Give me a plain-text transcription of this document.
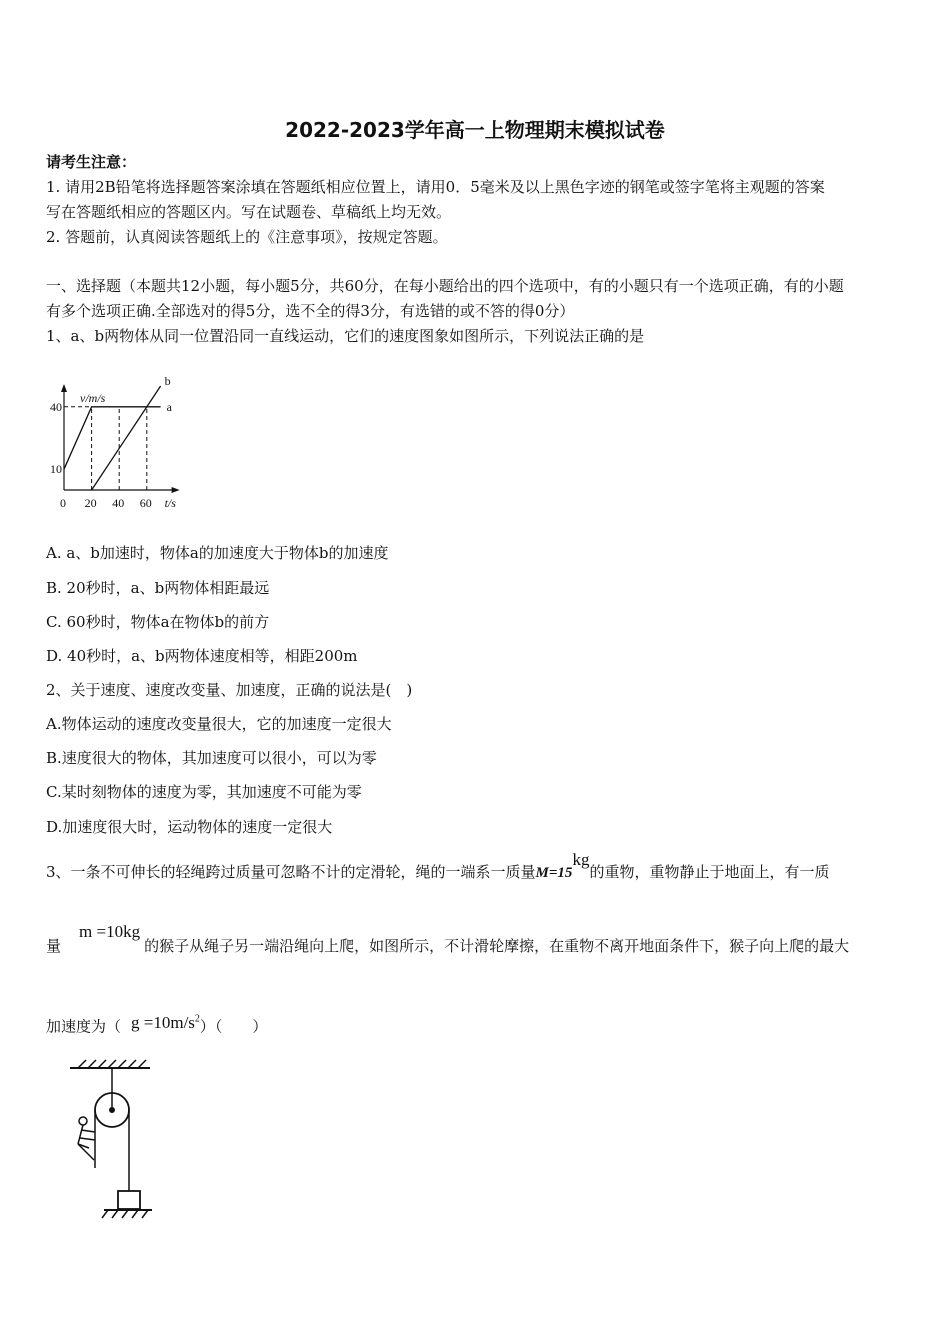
2022-2023学年高一上物理期末模拟试卷
请考生注意：
1. 请用2B铅笔将选择题答案涂填在答题纸相应位置上，请用0．5毫米及以上黑色字迹的钢笔或签字笔将主观题的答案
写在答题纸相应的答题区内。写在试题卷、草稿纸上均无效。
2. 答题前，认真阅读答题纸上的《注意事项》，按规定答题。
一、选择题（本题共12小题，每小题5分，共60分，在每小题给出的四个选项中，有的小题只有一个选项正确，有的小题
有多个选项正确.全部选对的得5分，选不全的得3分，有选错的或不答的得0分）
1、a、b两物体从同一位置沿同一直线运动，它们的速度图象如图所示，下列说法正确的是
v/m/s
t/s
0 20 40 60
10
40	a
b
A. a、b加速时，物体a的加速度大于物体b的加速度
B. 20秒时，a、b两物体相距最远
C. 60秒时，物体a在物体b的前方
D. 40秒时，a、b两物体速度相等，相距200m
2、关于速度、速度改变量、加速度，正确的说法是(　)
A.物体运动的速度改变量很大，它的加速度一定很大
B.速度很大的物体，其加速度可以很小，可以为零
C.某时刻物体的速度为零，其加速度不可能为零
D.加速度很大时，运动物体的速度一定很大
3、一条不可伸长的轻绳跨过质量可忽略不计的定滑轮，绳的一端系一质量M=15kg的重物，重物静止于地面上，有一质
量m =10kg的猴子从绳子另一端沿绳向上爬，如图所示，不计滑轮摩擦，在重物不离开地面条件下，猴子向上爬的最大
加速度为（ $g =10m/s^2$）（　　）
